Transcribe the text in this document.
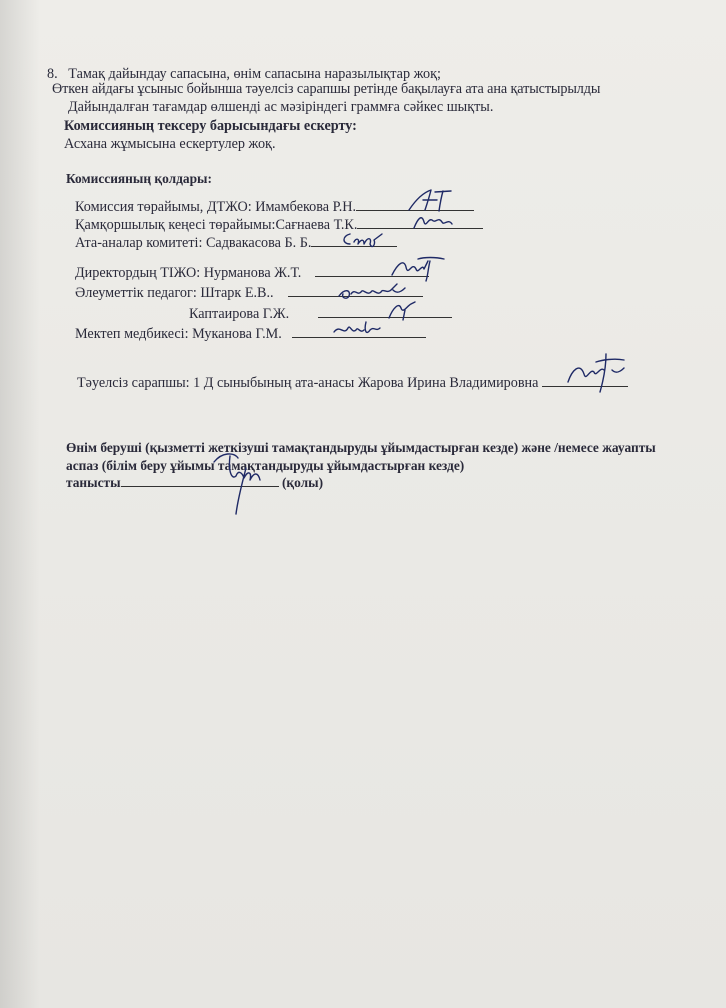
8. Тамақ дайындау сапасына, өнім сапасына наразылықтар жоқ;
Өткен айдағы ұсыныс бойынша тәуелсіз сарапшы ретінде бақылауға ата ана қатыстырылды
Дайындалған тағамдар өлшенді ас мәзіріндегі граммға сәйкес шықты.
Комиссияның тексеру барысындағы ескерту:
Асхана жұмысына ескертулер жоқ.
Комиссияның қолдары:
Комиссия төрайымы, ДТЖО: Имамбекова Р.Н.
Қамқоршылық кеңесі төрайымы:Сағнаева Т.К.
Ата-аналар комитеті: Садвакасова Б. Б.
Директордың ТІЖО: Нурманова Ж.Т.
Әлеуметтік педагог: Штарк Е.В..
Каптаирова Г.Ж.
Мектеп медбикесі: Муканова Г.М.
Тәуелсіз сарапшы: 1 Д сыныбының ата-анасы Жарова Ирина Владимировна
Өнім беруші (қызметті жеткізуші тамақтандыруды ұйымдастырған кезде) және /немесе жауапты
аспаз (білім беру ұйымы тамақтандыруды ұйымдастырған кезде)
танысты	(қолы)
